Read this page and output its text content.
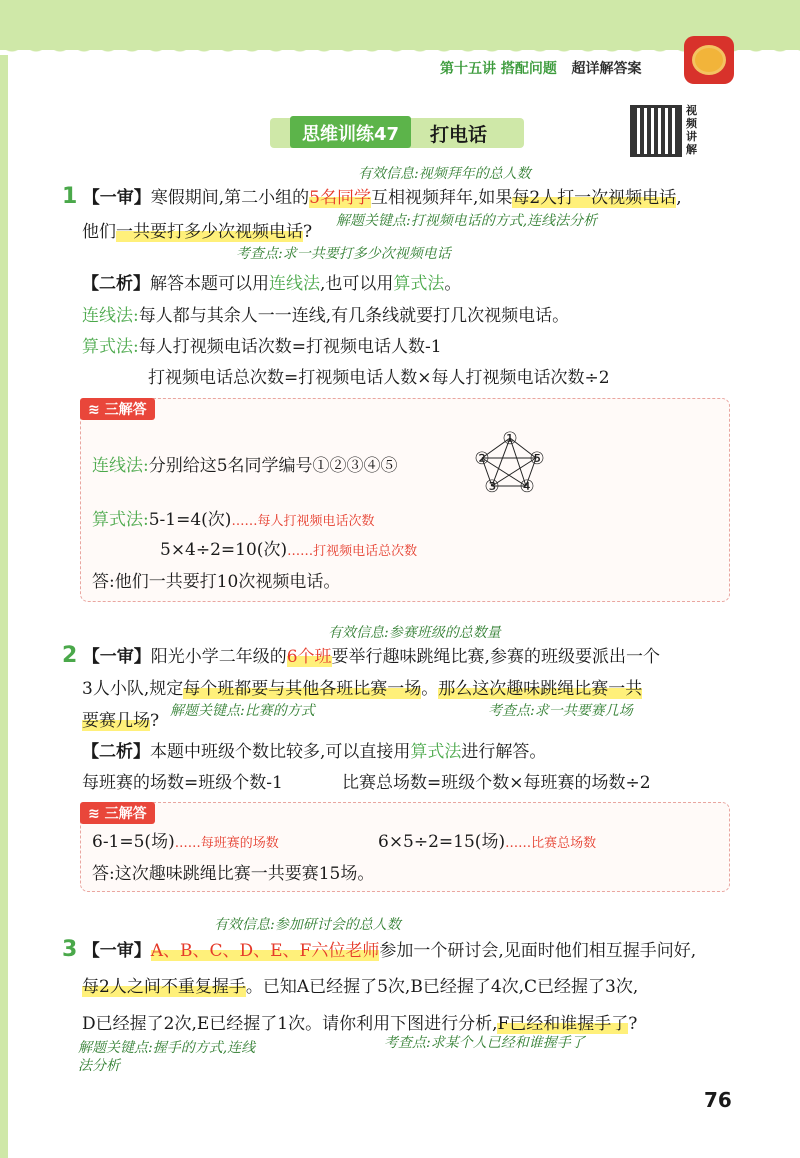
第十五讲 搭配问题 超详解答案
思维训练47	打电话
视频讲解
有效信息:视频拜年的总人数
1 【一审】寒假期间,第二小组的5名同学互相视频拜年,如果每2人打一次视频电话,
解题关键点:打视频电话的方式,连线法分析
他们一共要打多少次视频电话?
考查点:求一共要打多少次视频电话
【二析】解答本题可以用连线法,也可以用算式法。
连线法:每人都与其余人一一连线,有几条线就要打几次视频电话。
算式法:每人打视频电话次数=打视频电话人数-1
打视频电话总次数=打视频电话人数×每人打视频电话次数÷2
≋ 三解答
连线法:分别给这5名同学编号①②③④⑤
①
② ⑤
③ ④
算式法:5-1=4(次)……每人打视频电话次数
5×4÷2=10(次)……打视频电话总次数
答:他们一共要打10次视频电话。
有效信息:参赛班级的总数量
2 【一审】阳光小学二年级的6个班要举行趣味跳绳比赛,参赛的班级要派出一个
3人小队,规定每个班都要与其他各班比赛一场。那么这次趣味跳绳比赛一共
要赛几场? 解题关键点:比赛的方式	考查点:求一共要赛几场
【二析】本题中班级个数比较多,可以直接用算式法进行解答。
每班赛的场数=班级个数-1	比赛总场数=班级个数×每班赛的场数÷2
≋ 三解答
6-1=5(场)……每班赛的场数	6×5÷2=15(场)……比赛总场数
答:这次趣味跳绳比赛一共要赛15场。
有效信息:参加研讨会的总人数
3 【一审】A、B、C、D、E、F六位老师参加一个研讨会,见面时他们相互握手问好,
每2人之间不重复握手。已知A已经握了5次,B已经握了4次,C已经握了3次,
D已经握了2次,E已经握了1次。请你利用下图进行分析,F已经和谁握手了?
解题关键点:握手的方式,连线
法分析
考查点:求某个人已经和谁握手了
76
